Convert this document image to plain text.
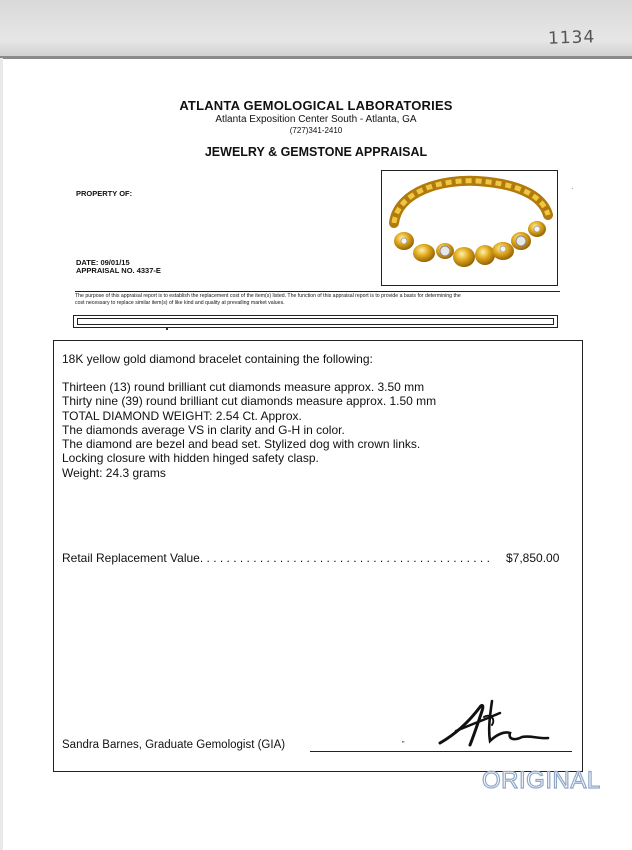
1134
ATLANTA GEMOLOGICAL LABORATORIES
Atlanta Exposition Center South - Atlanta, GA
(727)341-2410
JEWELRY & GEMSTONE APPRAISAL
PROPERTY OF:
DATE: 09/01/15
APPRAISAL NO. 4337-E
·
The purpose of this appraisal report is to establish the replacement cost of the item(s) listed. The function of this appraisal report is to provide a basis for determining the
cost necessary to replace similar item(s) of like kind and quality at prevailing market values.
18K yellow gold diamond bracelet containing the following:
Thirteen (13) round brilliant cut diamonds measure approx. 3.50 mm
Thirty nine (39) round brilliant cut diamonds measure approx. 1.50 mm
TOTAL DIAMOND WEIGHT: 2.54 Ct. Approx.
The diamonds average VS in clarity and G-H in color.
The diamond are bezel and bead set. Stylized dog with crown links.
Locking closure with hidden hinged safety clasp.
Weight: 24.3 grams
Retail Replacement Value. . . . . . . . . . . . . . . . . . . . . . . . . . . . . . . . . . . . . . . . . . . . $7,850.00
Sandra Barnes, Graduate Gemologist (GIA)	"
ORIGINAL
